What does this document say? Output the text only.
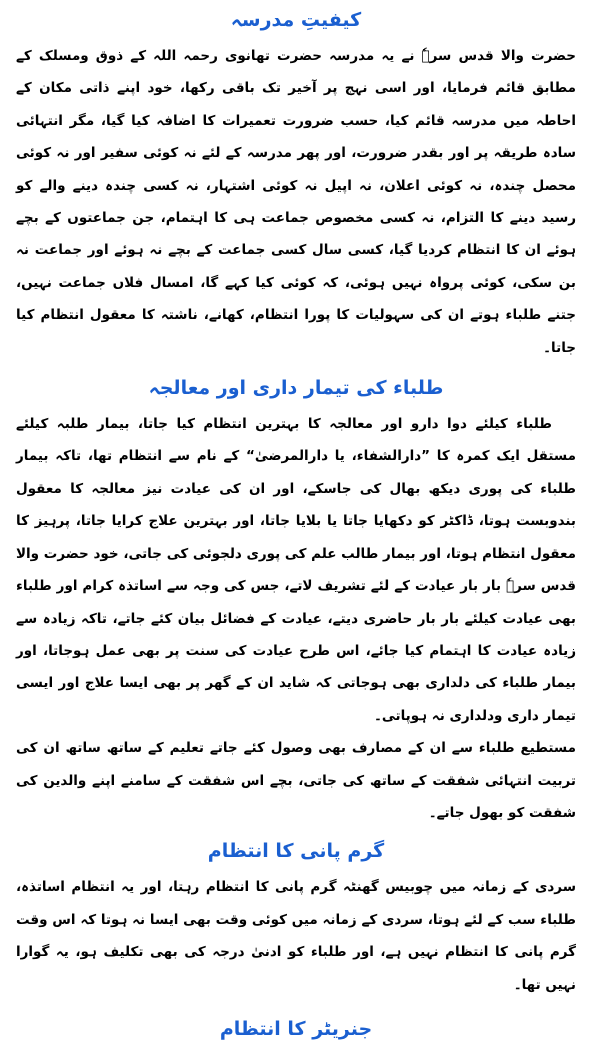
کیفیتِ مدرسہ

حضرت والا قدس سرہٗ نے یہ مدرسہ حضرت تھانوی رحمہ اللہ کے ذوق ومسلک کے مطابق قائم فرمایا، اور اسی نہج پر آخیر تک باقی رکھا، خود اپنے ذاتی مکان کے احاطہ میں مدرسہ قائم کیا، حسب ضرورت تعمیرات کا اضافہ کیا گیا، مگر انتہائی سادہ طریقہ پر اور بقدر ضرورت، اور پھر مدرسہ کے لئے نہ کوئی سفیر اور نہ کوئی محصل چندہ، نہ کوئی اعلان، نہ اپیل نہ کوئی اشتہار، نہ کسی چندہ دینے والے کو رسید دینے کا التزام، نہ کسی مخصوص جماعت ہی کا اہتمام، جن جماعتوں کے بچے ہوئے ان کا انتظام کردیا گیا، کسی سال کسی جماعت کے بچے نہ ہوئے اور جماعت نہ بن سکی، کوئی پرواہ نہیں ہوئی، کہ کوئی کیا کہے گا، امسال فلاں جماعت نہیں، جتنے طلباء ہوتے ان کی سہولیات کا پورا انتظام، کھانے، ناشتہ کا معقول انتظام کیا جاتا۔

طلباء کی تیمار داری اور معالجہ

طلباء کیلئے دوا دارو اور معالجہ کا بہترین انتظام کیا جاتا، بیمار طلبہ کیلئے مستقل ایک کمرہ کا ”دارالشفاء، یا دارالمرضیٰ“ کے نام سے انتظام تھا، تاکہ بیمار طلباء کی پوری دیکھ بھال کی جاسکے، اور ان کی عیادت نیز معالجہ کا معقول بندوبست ہوتا، ڈاکٹر کو دکھایا جاتا یا بلایا جاتا، اور بہترین علاج کرایا جاتا، پرہیز کا معقول انتظام ہوتا، اور بیمار طالب علم کی پوری دلجوئی کی جاتی، خود حضرت والا قدس سرہٗ بار بار عیادت کے لئے تشریف لاتے، جس کی وجہ سے اساتذہ کرام اور طلباء بھی عیادت کیلئے بار بار حاضری دیتے، عیادت کے فضائل بیان کئے جاتے، تاکہ زیادہ سے زیادہ عیادت کا اہتمام کیا جائے، اس طرح عیادت کی سنت پر بھی عمل ہوجاتا، اور بیمار طلباء کی دلداری بھی ہوجاتی کہ شاید ان کے گھر پر بھی ایسا علاج اور ایسی تیمار داری ودلداری نہ ہوپاتی۔

مستطیع طلباء سے ان کے مصارف بھی وصول کئے جاتے تعلیم کے ساتھ ساتھ ان کی تربیت انتہائی شفقت کے ساتھ کی جاتی، بچے اس شفقت کے سامنے اپنے والدین کی شفقت کو بھول جاتے۔

گرم پانی کا انتظام

سردی کے زمانہ میں چوبیس گھنٹہ گرم پانی کا انتظام رہتا، اور یہ انتظام اساتذہ، طلباء سب کے لئے ہوتا، سردی کے زمانہ میں کوئی وقت بھی ایسا نہ ہوتا کہ اس وقت گرم پانی کا انتظام نہیں ہے، اور طلباء کو ادنیٰ درجہ کی بھی تکلیف ہو، یہ گوارا نہیں تھا۔

جنریٹر کا انتظام
